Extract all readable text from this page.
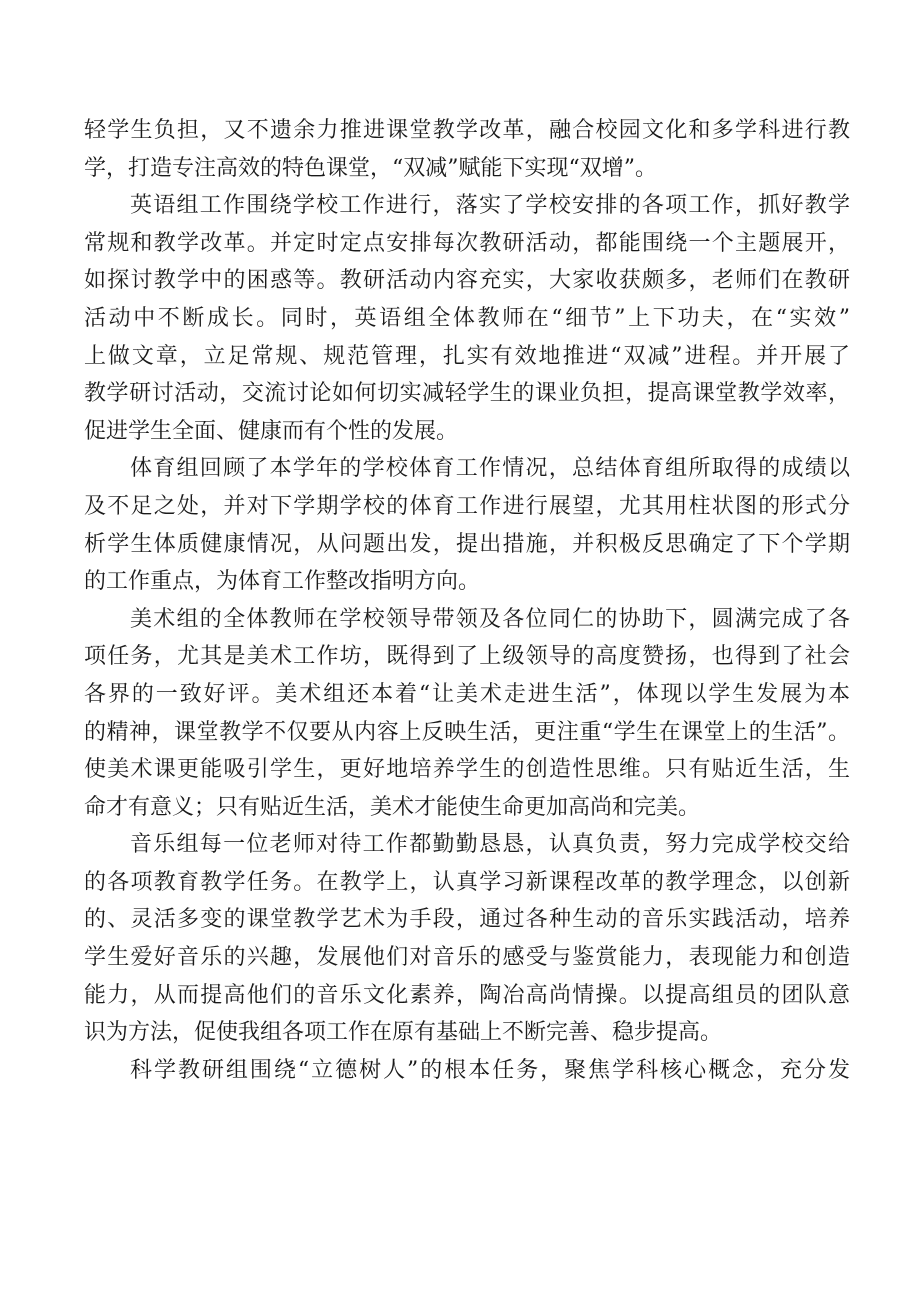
轻学生负担，又不遗余力推进课堂教学改革，融合校园文化和多学科进行教
学，打造专注高效的特色课堂，“双减”赋能下实现“双增”。
英语组工作围绕学校工作进行，落实了学校安排的各项工作，抓好教学
常规和教学改革。并定时定点安排每次教研活动，都能围绕一个主题展开，
如探讨教学中的困惑等。教研活动内容充实，大家收获颇多，老师们在教研
活动中不断成长。同时，英语组全体教师在“细节”上下功夫，在“实效”
上做文章，立足常规、规范管理，扎实有效地推进“双减”进程。并开展了
教学研讨活动，交流讨论如何切实减轻学生的课业负担，提高课堂教学效率，
促进学生全面、健康而有个性的发展。
体育组回顾了本学年的学校体育工作情况，总结体育组所取得的成绩以
及不足之处，并对下学期学校的体育工作进行展望，尤其用柱状图的形式分
析学生体质健康情况，从问题出发，提出措施，并积极反思确定了下个学期
的工作重点，为体育工作整改指明方向。
美术组的全体教师在学校领导带领及各位同仁的协助下，圆满完成了各
项任务，尤其是美术工作坊，既得到了上级领导的高度赞扬，也得到了社会
各界的一致好评。美术组还本着“让美术走进生活”，体现以学生发展为本
的精神，课堂教学不仅要从内容上反映生活，更注重“学生在课堂上的生活”。
使美术课更能吸引学生，更好地培养学生的创造性思维。只有贴近生活，生
命才有意义；只有贴近生活，美术才能使生命更加高尚和完美。
音乐组每一位老师对待工作都勤勤恳恳，认真负责，努力完成学校交给
的各项教育教学任务。在教学上，认真学习新课程改革的教学理念，以创新
的、灵活多变的课堂教学艺术为手段，通过各种生动的音乐实践活动，培养
学生爱好音乐的兴趣，发展他们对音乐的感受与鉴赏能力，表现能力和创造
能力，从而提高他们的音乐文化素养，陶冶高尚情操。以提高组员的团队意
识为方法，促使我组各项工作在原有基础上不断完善、稳步提高。
科学教研组围绕“立德树人”的根本任务，聚焦学科核心概念，充分发
